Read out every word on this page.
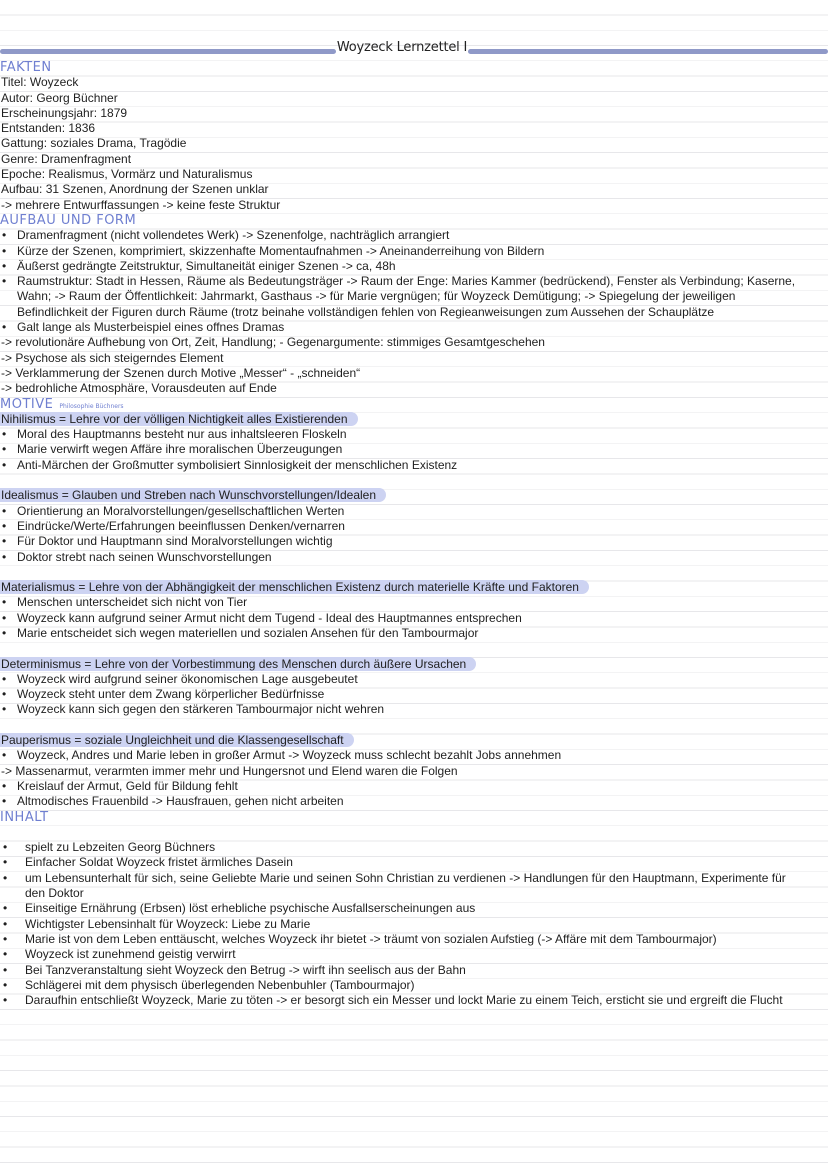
Woyzeck Lernzettel I
FAKTEN
Titel: Woyzeck
Autor: Georg Büchner
Erscheinungsjahr: 1879
Entstanden: 1836
Gattung: soziales Drama, Tragödie
Genre: Dramenfragment
Epoche: Realismus, Vormärz und Naturalismus
Aufbau: 31 Szenen, Anordnung der Szenen unklar
-> mehrere Entwurffassungen -> keine feste Struktur
AUFBAU UND FORM
• Dramenfragment (nicht vollendetes Werk) -> Szenenfolge, nachträglich arrangiert
• Kürze der Szenen, komprimiert, skizzenhafte Momentaufnahmen -> Aneinanderreihung von Bildern
• Äußerst gedrängte Zeitstruktur, Simultaneität einiger Szenen -> ca, 48h
• Raumstruktur: Stadt in Hessen, Räume als Bedeutungsträger -> Raum der Enge: Maries Kammer (bedrückend), Fenster als Verbindung; Kaserne, Wahn; -> Raum der Öffentlichkeit: Jahrmarkt, Gasthaus -> für Marie vergnügen; für Woyzeck Demütigung; -> Spiegelung der jeweiligen Befindlichkeit der Figuren durch Räume (trotz beinahe vollständigen fehlen von Regieanweisungen zum Aussehen der Schauplätze
• Galt lange als Musterbeispiel eines offnes Dramas
-> revolutionäre Aufhebung von Ort, Zeit, Handlung; - Gegenargumente: stimmiges Gesamtgeschehen
-> Psychose als sich steigerndes Element
-> Verklammerung der Szenen durch Motive „Messer“ - „schneiden“
-> bedrohliche Atmosphäre, Vorausdeuten auf Ende
MOTIVE Philosophie Büchners
Nihilismus = Lehre vor der völligen Nichtigkeit alles Existierenden
• Moral des Hauptmanns besteht nur aus inhaltsleeren Floskeln
• Marie verwirft wegen Affäre ihre moralischen Überzeugungen
• Anti-Märchen der Großmutter symbolisiert Sinnlosigkeit der menschlichen Existenz
Idealismus = Glauben und Streben nach Wunschvorstellungen/Idealen
• Orientierung an Moralvorstellungen/gesellschaftlichen Werten
• Eindrücke/Werte/Erfahrungen beeinflussen Denken/vernarren
• Für Doktor und Hauptmann sind Moralvorstellungen wichtig
• Doktor strebt nach seinen Wunschvorstellungen
Materialismus = Lehre von der Abhängigkeit der menschlichen Existenz durch materielle Kräfte und Faktoren
• Menschen unterscheidet sich nicht von Tier
• Woyzeck kann aufgrund seiner Armut nicht dem Tugend - Ideal des Hauptmannes entsprechen
• Marie entscheidet sich wegen materiellen und sozialen Ansehen für den Tambourmajor
Determinismus = Lehre von der Vorbestimmung des Menschen durch äußere Ursachen
• Woyzeck wird aufgrund seiner ökonomischen Lage ausgebeutet
• Woyzeck steht unter dem Zwang körperlicher Bedürfnisse
• Woyzeck kann sich gegen den stärkeren Tambourmajor nicht wehren
Pauperismus = soziale Ungleichheit und die Klassengesellschaft
• Woyzeck, Andres und Marie leben in großer Armut -> Woyzeck muss schlecht bezahlt Jobs annehmen
-> Massenarmut, verarmten immer mehr und Hungersnot und Elend waren die Folgen
• Kreislauf der Armut, Geld für Bildung fehlt
• Altmodisches Frauenbild -> Hausfrauen, gehen nicht arbeiten
INHALT
• spielt zu Lebzeiten Georg Büchners
• Einfacher Soldat Woyzeck fristet ärmliches Dasein
• um Lebensunterhalt für sich, seine Geliebte Marie und seinen Sohn Christian zu verdienen -> Handlungen für den Hauptmann, Experimente für den Doktor
• Einseitige Ernährung (Erbsen) löst erhebliche psychische Ausfallserscheinungen aus
• Wichtigster Lebensinhalt für Woyzeck: Liebe zu Marie
• Marie ist von dem Leben enttäuscht, welches Woyzeck ihr bietet -> träumt von sozialen Aufstieg (-> Affäre mit dem Tambourmajor)
• Woyzeck ist zunehmend geistig verwirrt
• Bei Tanzveranstaltung sieht Woyzeck den Betrug -> wirft ihn seelisch aus der Bahn
• Schlägerei mit dem physisch überlegenden Nebenbuhler (Tambourmajor)
• Daraufhin entschließt Woyzeck, Marie zu töten -> er besorgt sich ein Messer und lockt Marie zu einem Teich, ersticht sie und ergreift die Flucht
